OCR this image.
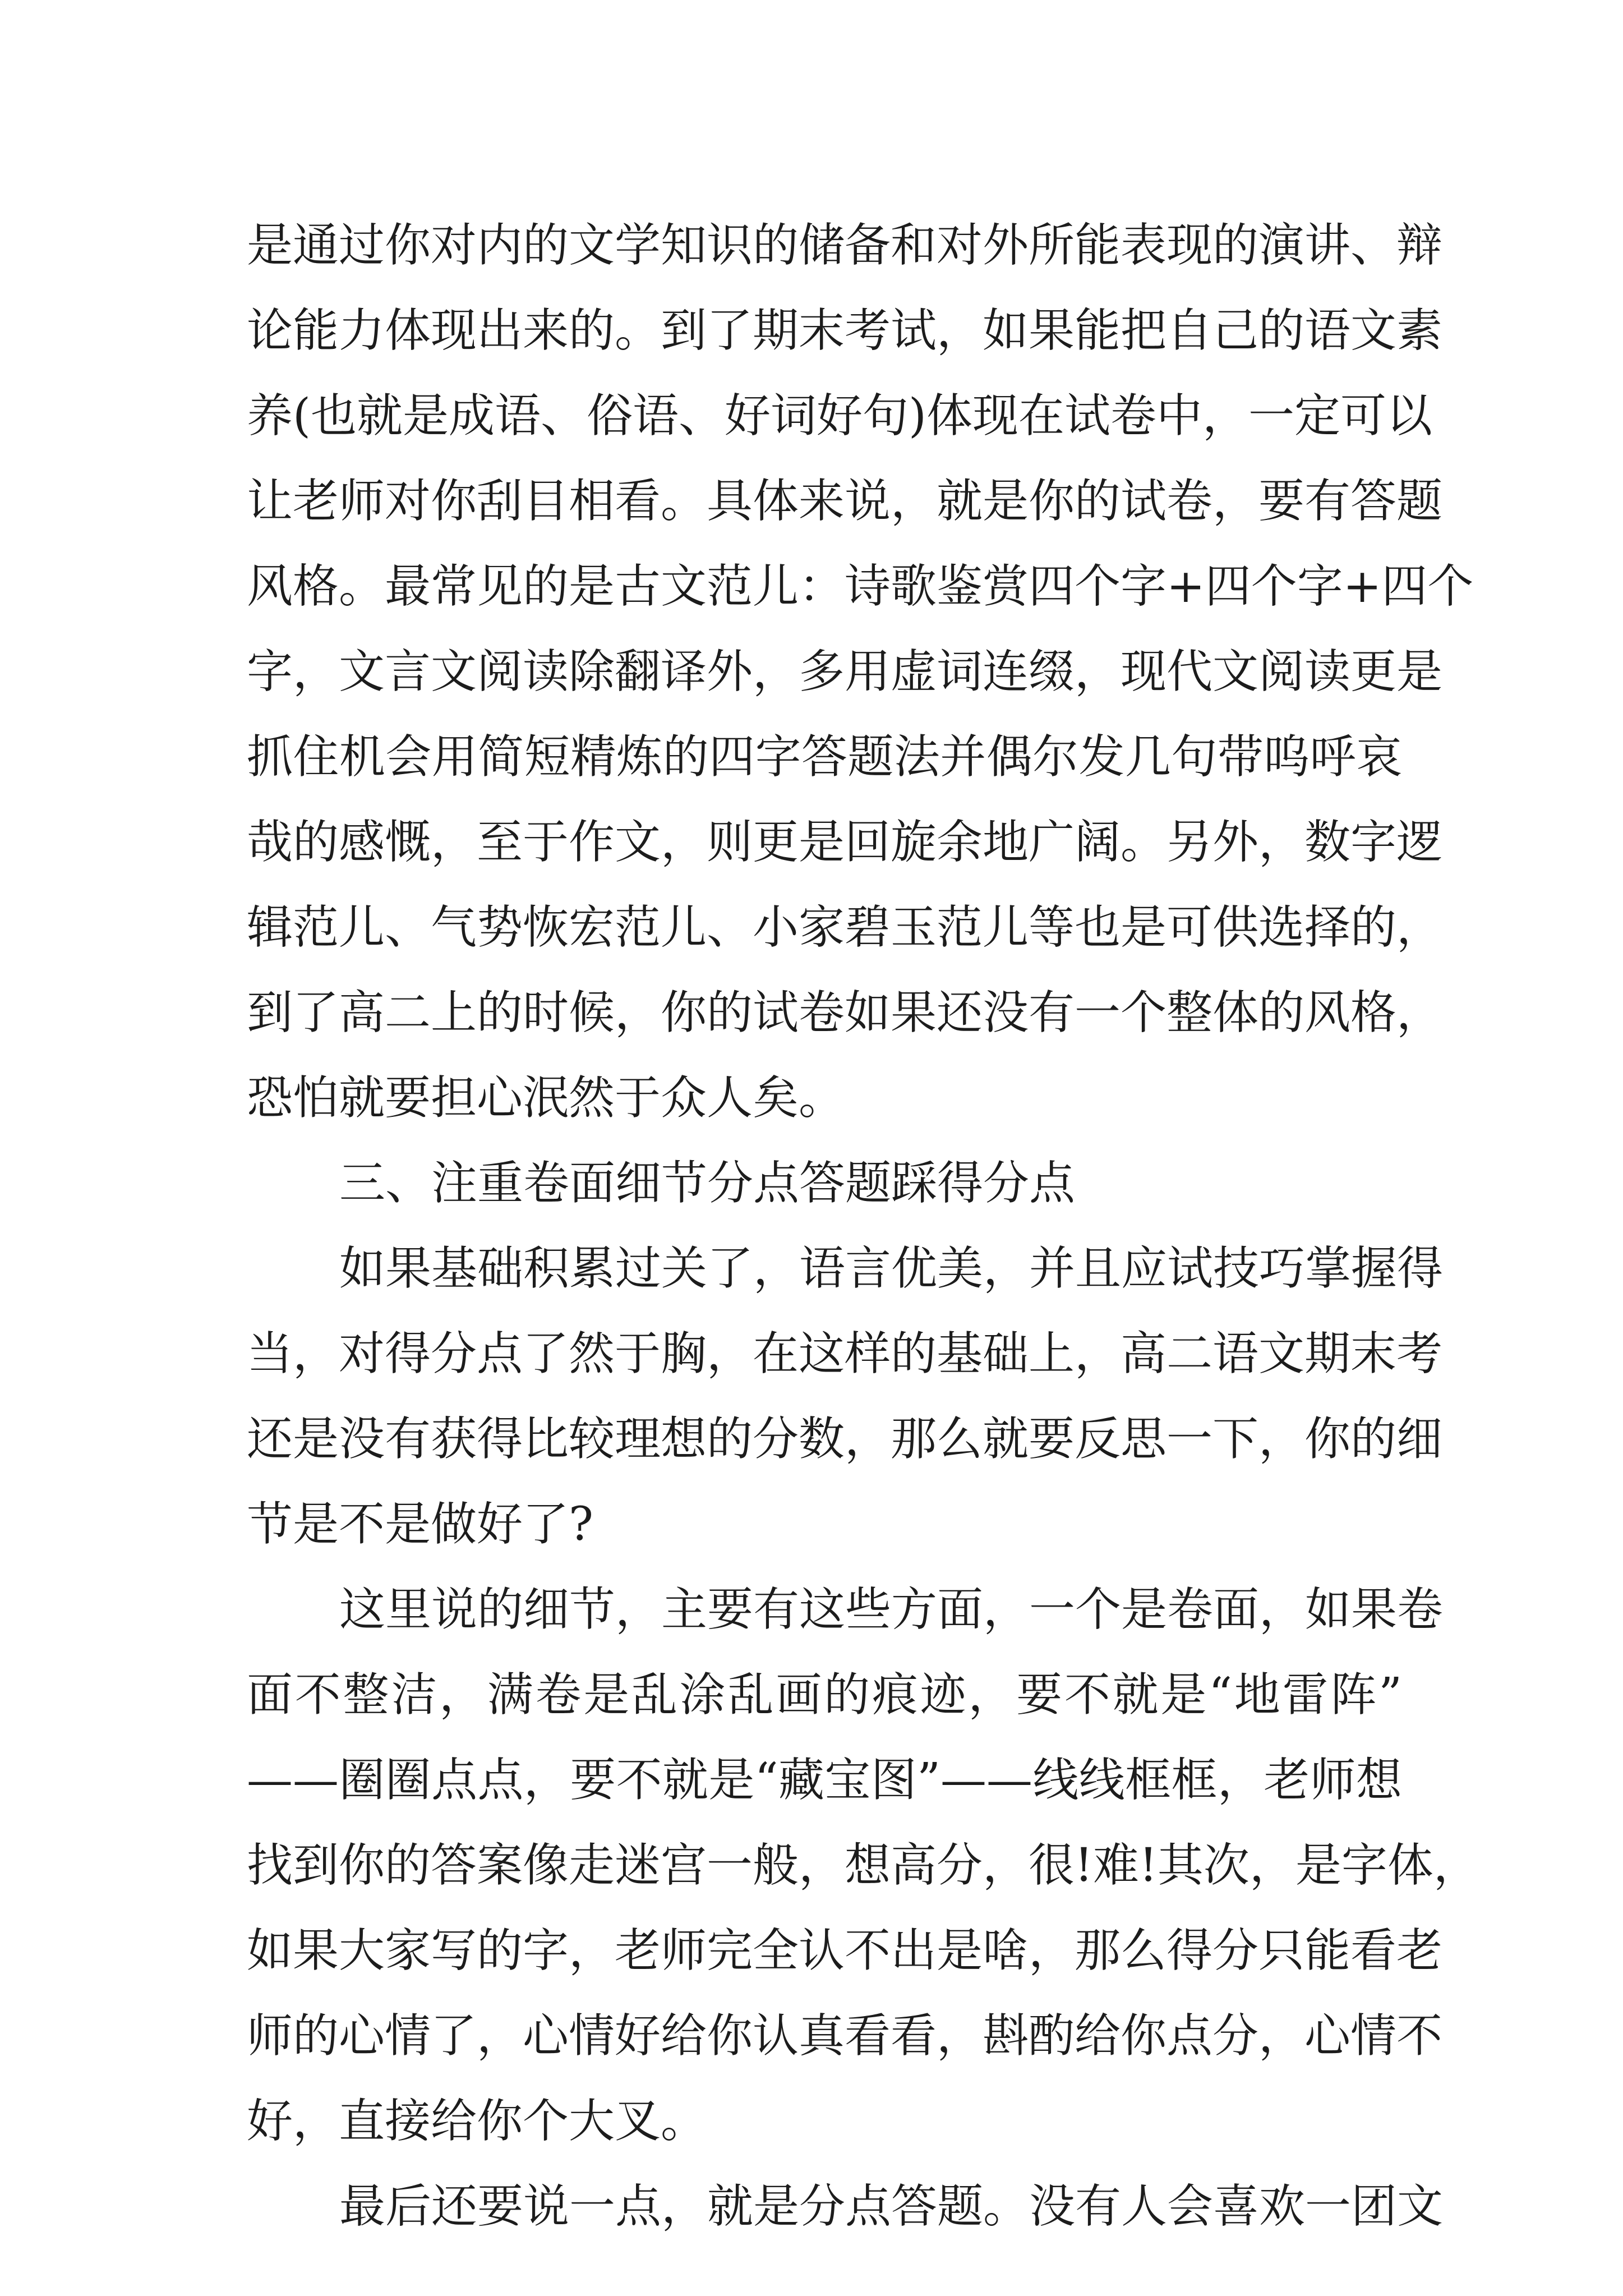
是通过你对内的文学知识的储备和对外所能表现的演讲、辩
论能力体现出来的。到了期末考试，如果能把自己的语文素
养(也就是成语、俗语、好词好句)体现在试卷中，一定可以
让老师对你刮目相看。具体来说，就是你的试卷，要有答题
风格。最常见的是古文范儿：诗歌鉴赏四个字+四个字+四个
字，文言文阅读除翻译外，多用虚词连缀，现代文阅读更是
抓住机会用简短精炼的四字答题法并偶尔发几句带呜呼哀
哉的感慨，至于作文，则更是回旋余地广阔。另外，数字逻
辑范儿、气势恢宏范儿、小家碧玉范儿等也是可供选择的，
到了高二上的时候，你的试卷如果还没有一个整体的风格，
恐怕就要担心泯然于众人矣。
三、注重卷面细节分点答题踩得分点
如果基础积累过关了，语言优美，并且应试技巧掌握得
当，对得分点了然于胸，在这样的基础上，高二语文期末考
还是没有获得比较理想的分数，那么就要反思一下，你的细
节是不是做好了?
这里说的细节，主要有这些方面，一个是卷面，如果卷
面不整洁，满卷是乱涂乱画的痕迹，要不就是“地雷阵”
——圈圈点点，要不就是“藏宝图”——线线框框，老师想
找到你的答案像走迷宫一般，想高分，很!难!其次，是字体，
如果大家写的字，老师完全认不出是啥，那么得分只能看老
师的心情了，心情好给你认真看看，斟酌给你点分，心情不
好，直接给你个大叉。
最后还要说一点，就是分点答题。没有人会喜欢一团文
